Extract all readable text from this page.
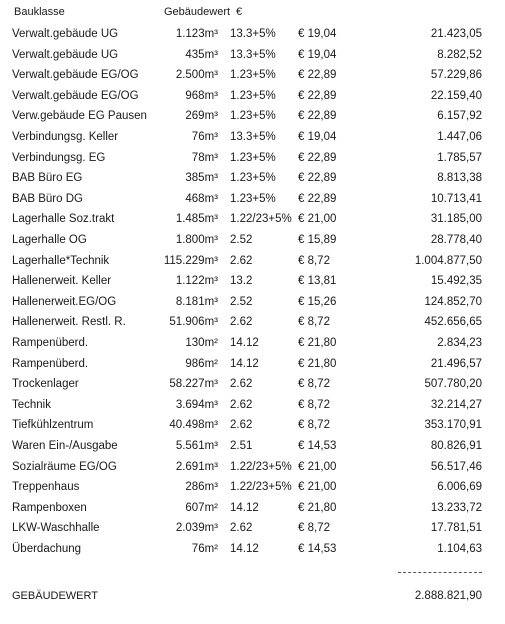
Bauklasse	Gebäudewert €
Verwalt.gebäude UG	1.123m³ 13.3+5% € 19,04	21.423,05
Verwalt.gebäude UG	435m³ 13.3+5% € 19,04	8.282,52
Verwalt.gebäude EG/OG	2.500m³ 1.23+5% € 22,89	57.229,86
Verwalt.gebäude EG/OG	968m³ 1.23+5% € 22,89	22.159,40
Verw.gebäude EG Pausen	269m³ 1.23+5% € 22,89	6.157,92
Verbindungsg. Keller	76m³ 13.3+5% € 19,04	1.447,06
Verbindungsg. EG	78m³ 1.23+5% € 22,89	1.785,57
BAB Büro EG	385m³ 1.23+5% € 22,89	8.813,38
BAB Büro DG	468m³ 1.23+5% € 22,89	10.713,41
Lagerhalle Soz.trakt	1.485m³ 1.22/23+5% € 21,00	31.185,00
Lagerhalle OG	1.800m³ 2.52	€ 15,89	28.778,40
Lagerhalle*Technik	115.229m³ 2.62	€ 8,72	1.004.877,50
Hallenerweit. Keller	1.122m³ 13.2	€ 13,81	15.492,35
Hallenerweit.EG/OG	8.181m³ 2.52	€ 15,26	124.852,70
Hallenerweit. Restl. R.	51.906m³ 2.62	€ 8,72	452.656,65
Rampenüberd.	130m² 14.12	€ 21,80	2.834,23
Rampenüberd.	986m² 14.12	€ 21,80	21.496,57
Trockenlager	58.227m³ 2.62	€ 8,72	507.780,20
Technik	3.694m³ 2.62	€ 8,72	32.214,27
Tiefkühlzentrum	40.498m³ 2.62	€ 8,72	353.170,91
Waren Ein-/Ausgabe	5.561m³ 2.51	€ 14,53	80.826,91
Sozialräume EG/OG	2.691m³ 1.22/23+5% € 21,00	56.517,46
Treppenhaus	286m³ 1.22/23+5% € 21,00	6.006,69
Rampenboxen	607m² 14.12	€ 21,80	13.233,72
LKW-Waschhalle	2.039m³ 2.62	€ 8,72	17.781,51
Überdachung	76m² 14.12	€ 14,53	1.104,63
GEBÄUDEWERT	2.888.821,90
